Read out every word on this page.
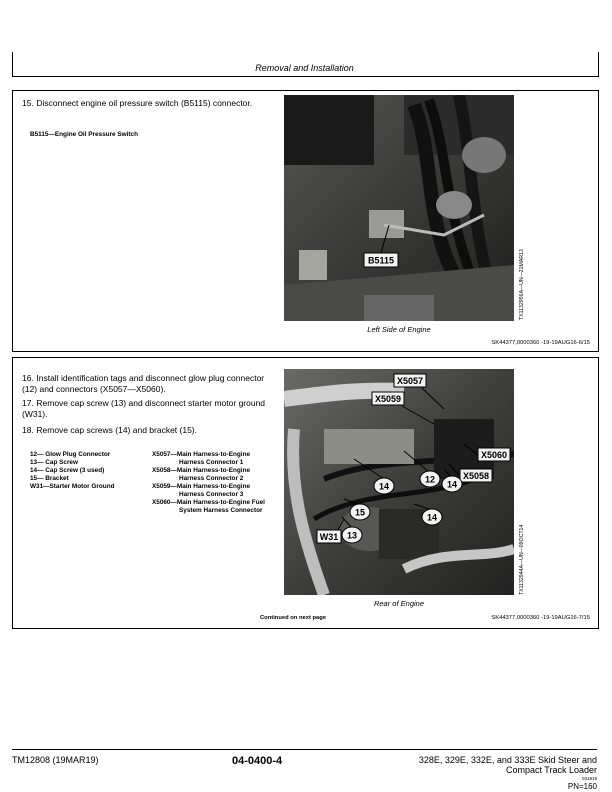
Removal and Installation
15. Disconnect engine oil pressure switch (B5115) connector.
B5115—Engine Oil Pressure Switch
B5115	TX1132956A—UN—21MAR13
Left Side of Engine
SK44377,0000360 -19-19AUG16-6/15
16. Install identification tags and disconnect glow plug connector (12) and connectors (X5057—X5060).
17. Remove cap screw (13) and disconnect starter motor ground (W31).
18. Remove cap screws (14) and bracket (15).
12— Glow Plug Connector
13— Cap Screw
14— Cap Screw (3 used)
15— Bracket
W31—Starter Motor Ground
X5057—Main Harness-to-Engine Harness Connector 1
X5058—Main Harness-to-Engine Harness Connector 2
X5059—Main Harness-to-Engine Harness Connector 3
X5060—Main Harness-to-Engine Fuel System Harness Connector
X5057
X5059
X5060
X5058
12 14
14
15	14
13
W31	TX1132944A—UN—09OCT14
Rear of Engine
Continued on next page	SK44377,0000360 -19-19AUG16-7/15
TM12808 (19MAR19)	04-0400-4	328E, 329E, 332E, and 333E Skid Steer and
Compact Track Loader
031919
PN=160
